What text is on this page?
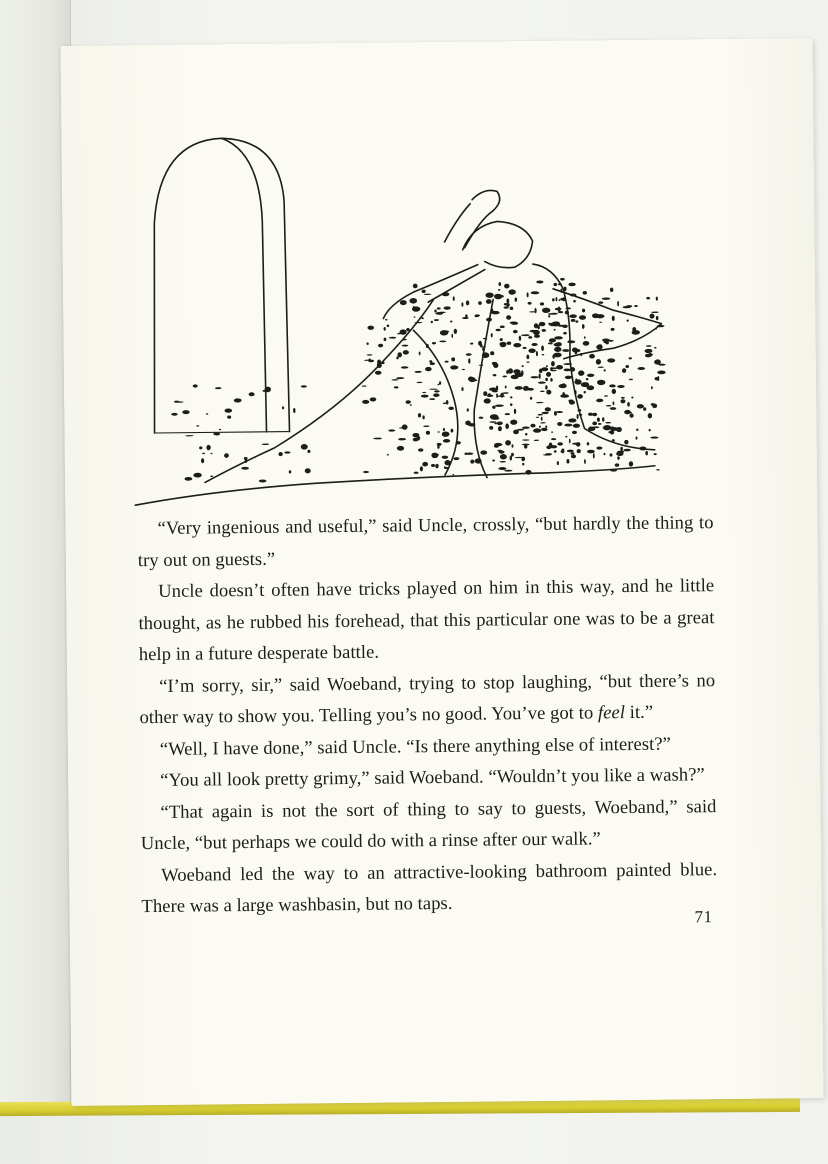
“Very ingenious and useful,” said Uncle, crossly, “but hardly the thing to try out on guests.”

Uncle doesn’t often have tricks played on him in this way, and he little thought, as he rubbed his forehead, that this particular one was to be a great help in a future desperate battle.

“I’m sorry, sir,” said Woeband, trying to stop laughing, “but there’s no other way to show you. Telling you’s no good. You’ve got to feel it.”

“Well, I have done,” said Uncle. “Is there anything else of interest?”

“You all look pretty grimy,” said Woeband. “Wouldn’t you like a wash?”

“That again is not the sort of thing to say to guests, Woeband,” said Uncle, “but perhaps we could do with a rinse after our walk.”

Woeband led the way to an attractive-looking bathroom painted blue. There was a large washbasin, but no taps.	71
